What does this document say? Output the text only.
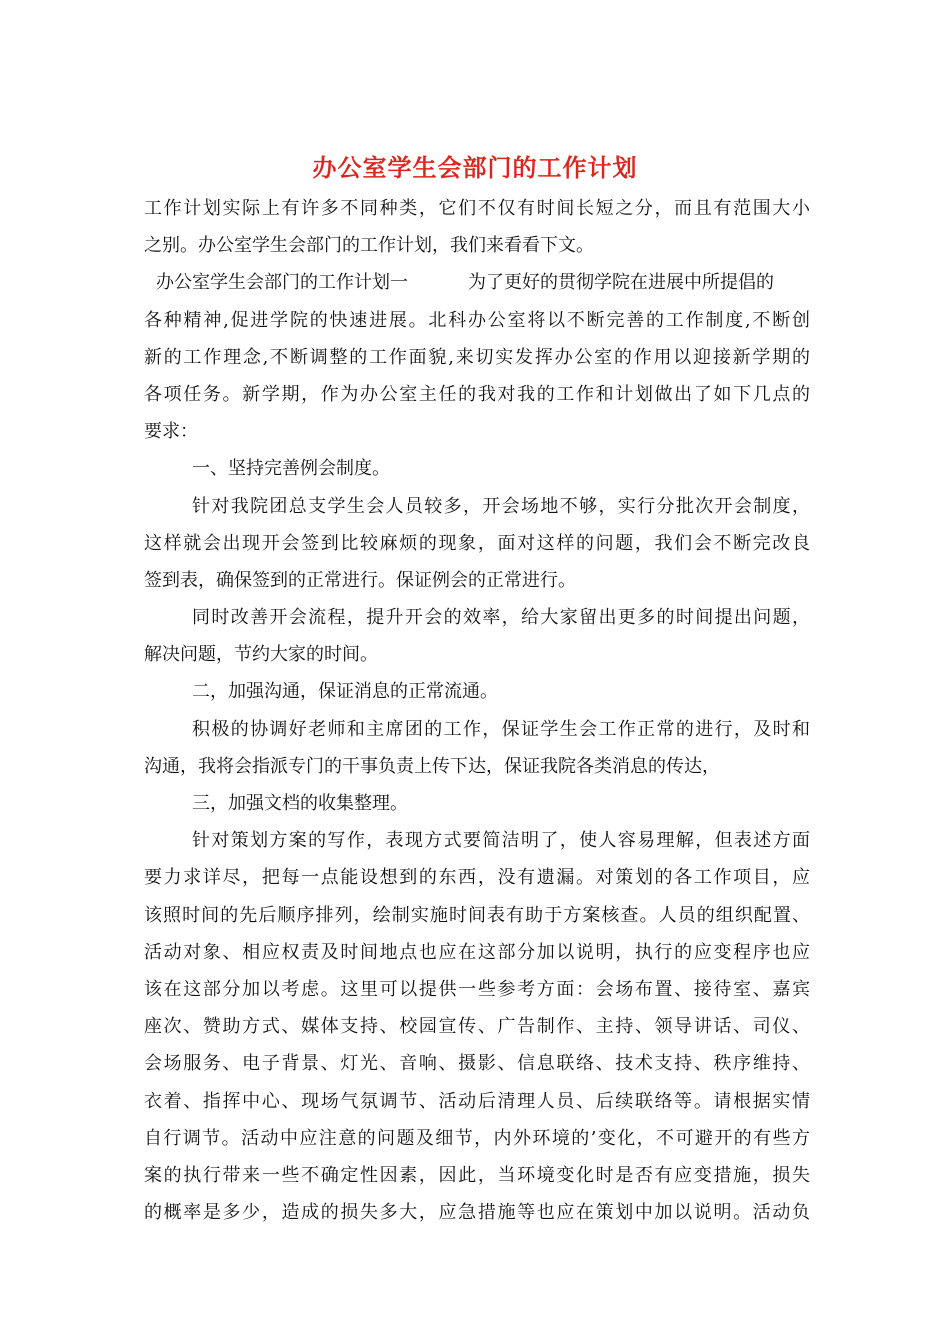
办公室学生会部门的工作计划
工作计划实际上有许多不同种类，它们不仅有时间长短之分，而且有范围大小
之别。办公室学生会部门的工作计划，我们来看看下文。
办公室学生会部门的工作计划一	为了更好的贯彻学院在进展中所提倡的
各种精神,促进学院的快速进展。北科办公室将以不断完善的工作制度,不断创
新的工作理念,不断调整的工作面貌,来切实发挥办公室的作用以迎接新学期的
各项任务。新学期，作为办公室主任的我对我的工作和计划做出了如下几点的
要求：
一、坚持完善例会制度。
针对我院团总支学生会人员较多，开会场地不够，实行分批次开会制度，
这样就会出现开会签到比较麻烦的现象，面对这样的问题，我们会不断完改良
签到表，确保签到的正常进行。保证例会的正常进行。
同时改善开会流程，提升开会的效率，给大家留出更多的时间提出问题，
解决问题，节约大家的时间。
二，加强沟通，保证消息的正常流通。
积极的协调好老师和主席团的工作，保证学生会工作正常的进行，及时和
沟通，我将会指派专门的干事负责上传下达，保证我院各类消息的传达，
三，加强文档的收集整理。
针对策划方案的写作，表现方式要简洁明了，使人容易理解，但表述方面
要力求详尽，把每一点能设想到的东西，没有遗漏。对策划的各工作项目，应
该照时间的先后顺序排列，绘制实施时间表有助于方案核查。人员的组织配置、
活动对象、相应权责及时间地点也应在这部分加以说明，执行的应变程序也应
该在这部分加以考虑。这里可以提供一些参考方面：会场布置、接待室、嘉宾
座次、赞助方式、媒体支持、校园宣传、广告制作、主持、领导讲话、司仪、
会场服务、电子背景、灯光、音响、摄影、信息联络、技术支持、秩序维持、
衣着、指挥中心、现场气氛调节、活动后清理人员、后续联络等。请根据实情
自行调节。活动中应注意的问题及细节，内外环境的’变化，不可避开的有些方
案的执行带来一些不确定性因素，因此，当环境变化时是否有应变措施，损失
的概率是多少，造成的损失多大，应急措施等也应在策划中加以说明。活动负
